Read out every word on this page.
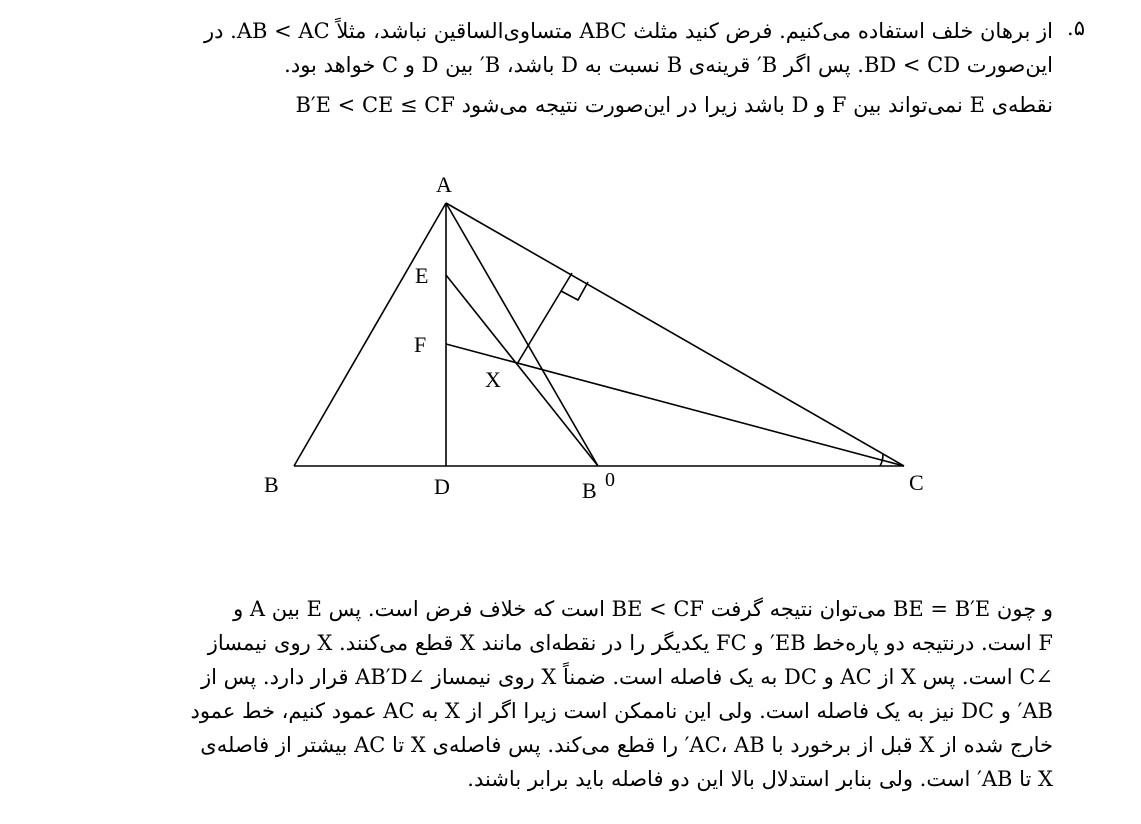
۵.
از برهان خلف استفاده می‌کنیم. فرض کنید مثلث ABC متساوی‌الساقین نباشد، مثلاً AB < AC. در
این‌صورت BD < CD. پس اگر B′ قرینه‌ی B نسبت به D باشد، B′ بین D و C خواهد بود.
نقطه‌ی E نمی‌تواند بین F و D باشد زیرا در این‌صورت نتیجه می‌شود B′E < CE ≤ CF
A
E
F
X
B	D	B 0	C
و چون BE = B′E می‌توان نتیجه گرفت BE < CF است که خلاف فرض است. پس E بین A و
F است. درنتیجه دو پاره‌خط EB′ و FC یکدیگر را در نقطه‌ای مانند X قطع می‌کنند. X روی نیمساز
∠C است. پس X از AC و DC به یک فاصله است. ضمناً X روی نیمساز ∠AB′D قرار دارد. پس از
AB′ و DC نیز به یک فاصله است. ولی این ناممکن است زیرا اگر از X به AC عمود کنیم، خط عمود
خارج شده از X قبل از برخورد با AC، AB′ را قطع می‌کند. پس فاصله‌ی X تا AC بیشتر از فاصله‌ی
X تا AB′ است. ولی بنابر استدلال بالا این دو فاصله باید برابر باشند.
